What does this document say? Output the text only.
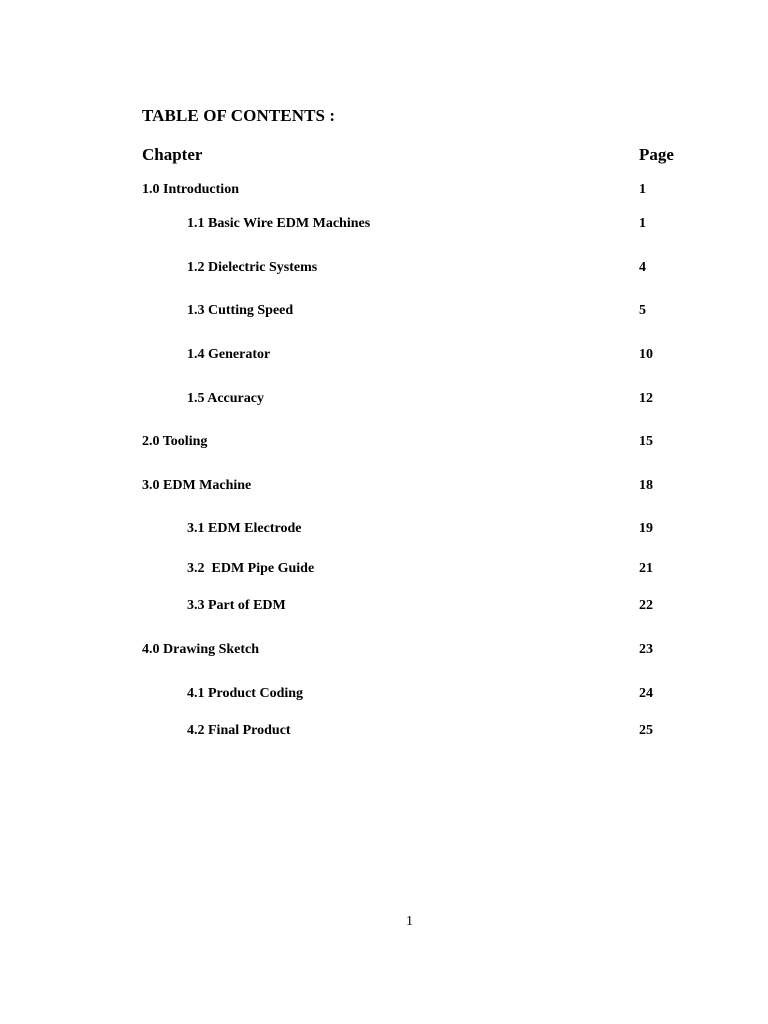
TABLE OF CONTENTS :
Chapter	Page
1.0 Introduction	1
1.1 Basic Wire EDM Machines	1
1.2 Dielectric Systems	4
1.3 Cutting Speed	5
1.4 Generator	10
1.5 Accuracy	12
2.0 Tooling	15
3.0 EDM Machine	18
3.1 EDM Electrode	19
3.2  EDM Pipe Guide	21
3.3 Part of EDM	22
4.0 Drawing Sketch	23
4.1 Product Coding	24
4.2 Final Product	25
1
